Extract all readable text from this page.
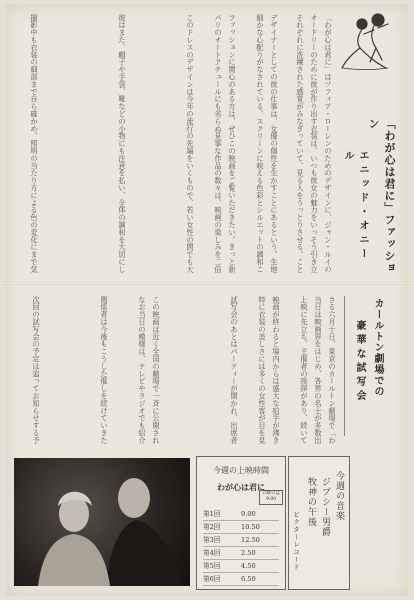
「わが心は君に」ファッション
エニッド・オニール
「わが心は君に」はソフィア・ローレンのためのデザインに、ジャン・ルイの
オードリーのために彼が作り出す衣装は、いつも彼女の魅力をいっそう引き立
それぞれに洗練された感覚がみなぎっていて、見る人をうっとりさせる。こと
デザイナーとしての彼の仕事は、女優の個性を生かすことにあるという。生地
細かな心配りがなされている。スクリーンに映える色彩とシルエットの調和こ
ファッションに関心のある方は、ぜひこの映画をご覧いただきたい。きっと新
パリのオートクチュールにも劣らぬ見事な作品の数々は、映画の楽しみを二倍
このドレスのデザインは今年の流行の先端をいくもので、若い女性の間でも大
彼はまた、帽子や手袋、靴などの小物にも注意を払い、全体の調和を大切にし
撮影中も衣装の細部まで自ら確かめ、照明の当たり方による色の変化にまで気
カールトン劇場での
豪華な試写会
さる六月十日、東京のカールトン劇場で「わ
当日は映画界をはじめ、各界の名士が多数出
上映に先立ち、主催者の挨拶があり、続いて
映画が終わると場内からは盛大な拍手が沸き
特に衣装の美しさには多くの女性客が目を見
試写会のあとはパーティーが開かれ、出席者
この映画は近く全国の劇場で一斉に公開され
なお当日の模様は、テレビやラジオでも紹介
関係者は今後もこうした催しを続けていきた
次回の試写会の予定は追ってお知らせする予
今週の上映時間
わが心は君に
日曜日は9:00
第1回	9.00
第2回	10.50
第3回	12.50
第4回	2.50
第5回	4.50
第6回	6.50
今週の音楽
ジプシー男爵
牧神の午後
ビクターレコード
